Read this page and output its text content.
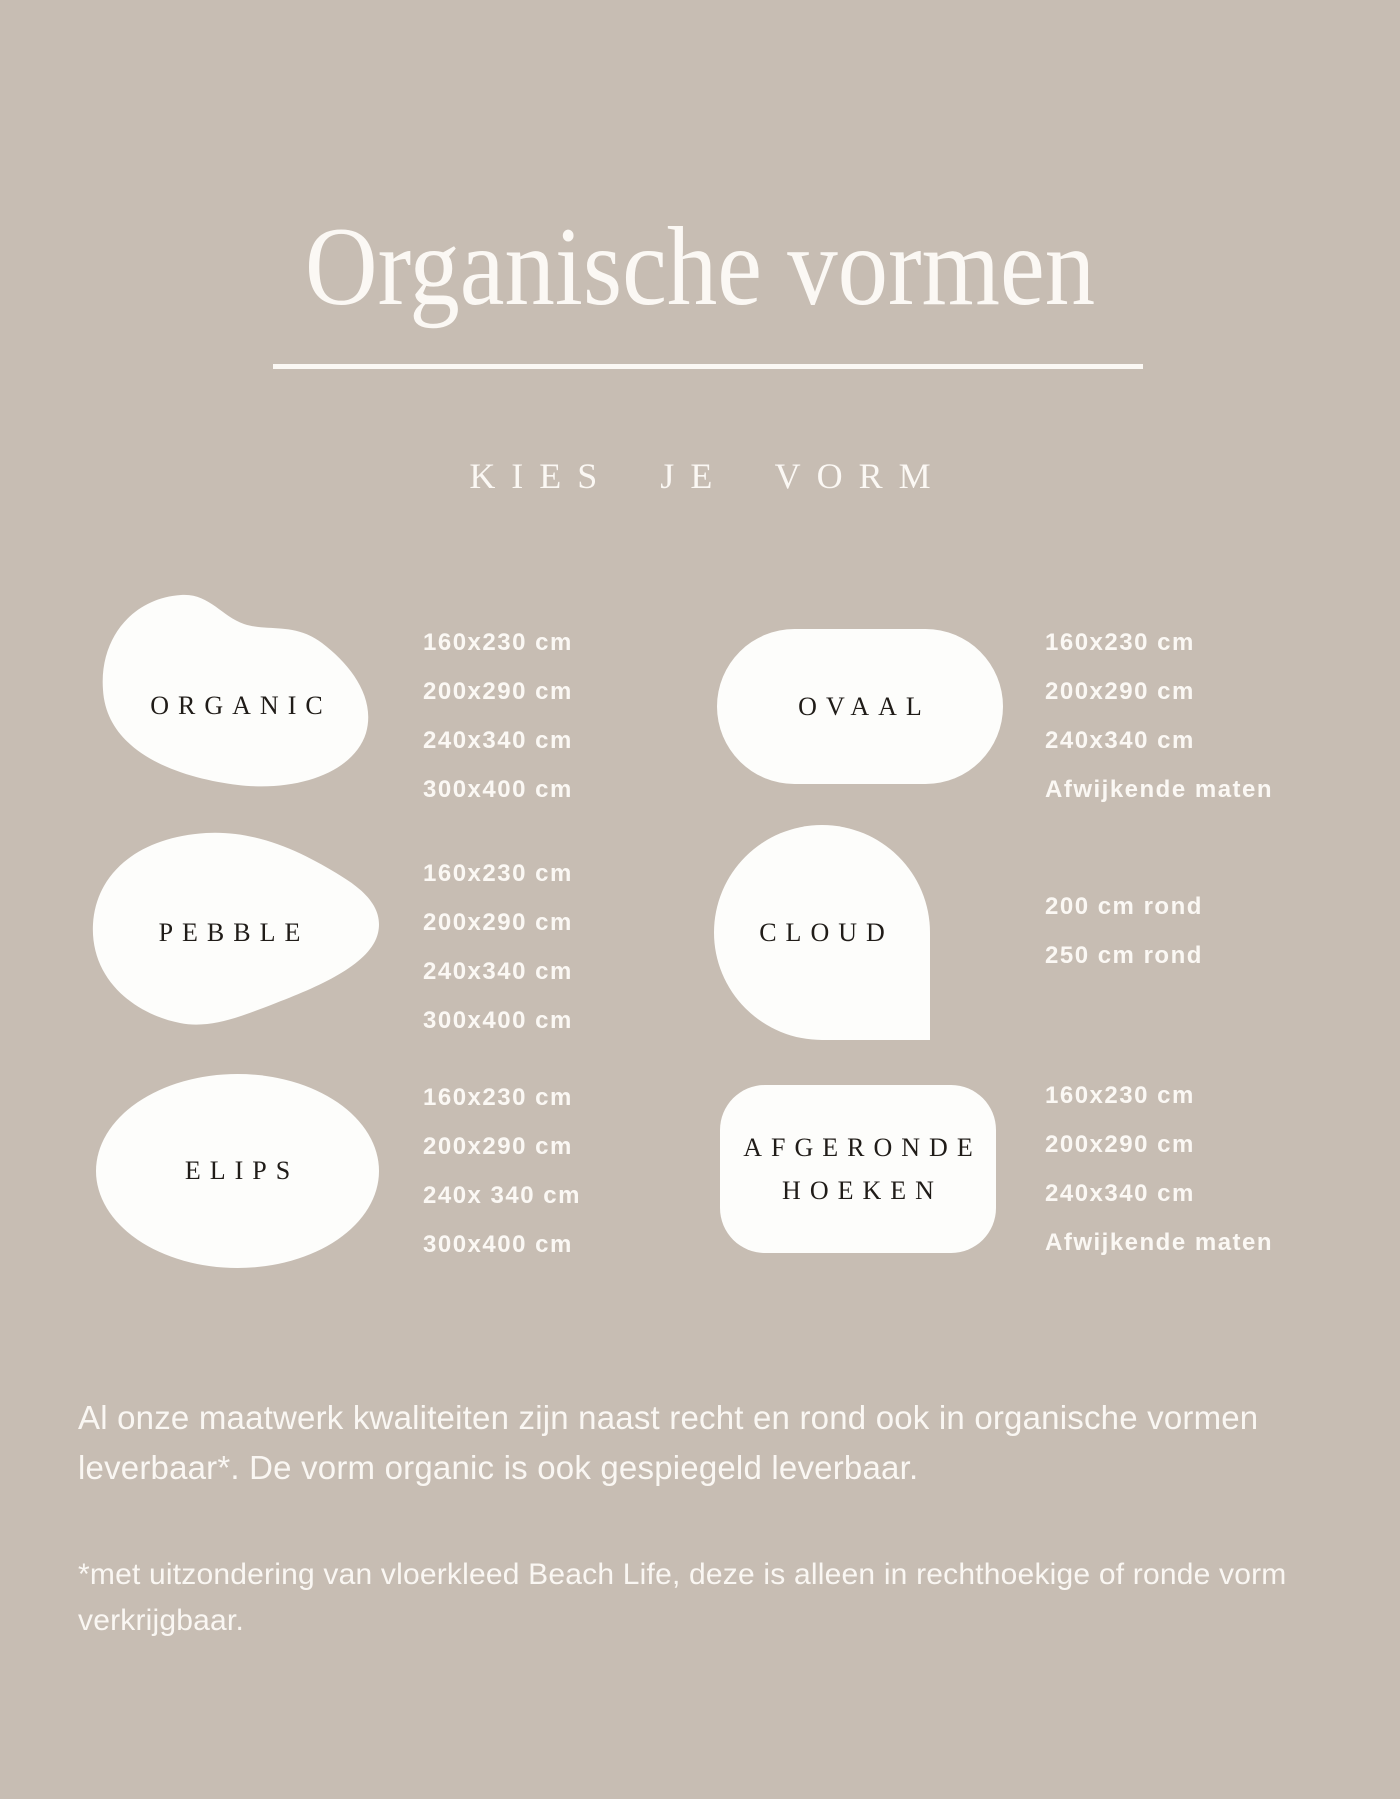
Organische vormen
KIES JE VORM
ORGANIC
160x230 cm
200x290 cm
240x340 cm
300x400 cm
OVAAL
160x230 cm
200x290 cm
240x340 cm
Afwijkende maten
PEBBLE
160x230 cm
200x290 cm
240x340 cm
300x400 cm
CLOUD
200 cm rond
250 cm rond
ELIPS
160x230 cm
200x290 cm
240x 340 cm
300x400 cm
AFGERONDE
HOEKEN
160x230 cm
200x290 cm
240x340 cm
Afwijkende maten
Al onze maatwerk kwaliteiten zijn naast recht en rond ook in organische vormen leverbaar*. De vorm organic is ook gespiegeld leverbaar.
*met uitzondering van vloerkleed Beach Life, deze is alleen in rechthoekige of ronde vorm verkrijgbaar.
